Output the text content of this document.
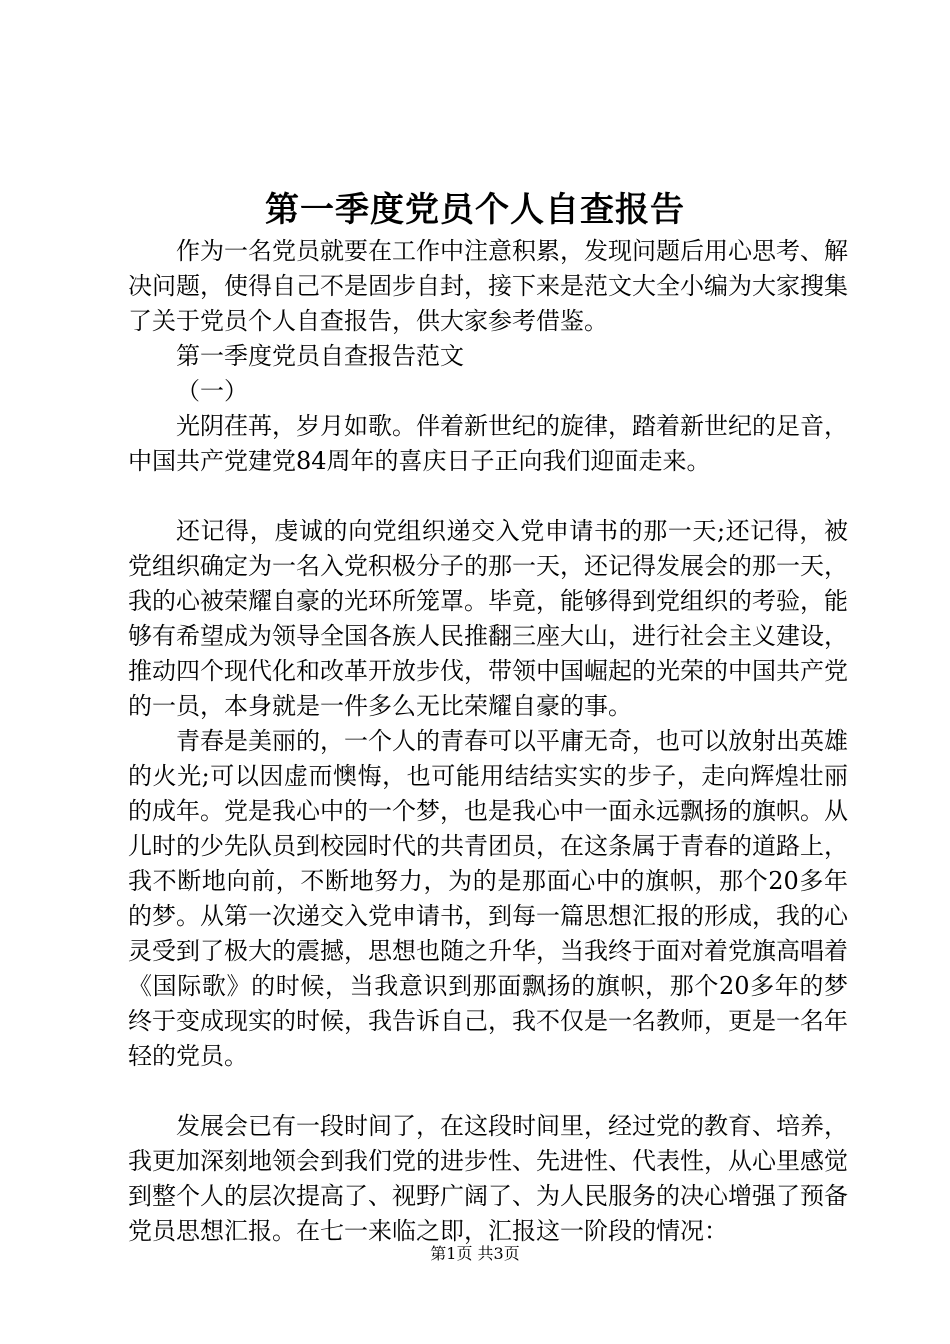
第一季度党员个人自查报告

作为一名党员就要在工作中注意积累，发现问题后用心思考、解决问题，使得自己不是固步自封，接下来是范文大全小编为大家搜集了关于党员个人自查报告，供大家参考借鉴。

第一季度党员自查报告范文

（一）

光阴荏苒，岁月如歌。伴着新世纪的旋律，踏着新世纪的足音，中国共产党建党84周年的喜庆日子正向我们迎面走来。

还记得，虔诚的向党组织递交入党申请书的那一天;还记得，被党组织确定为一名入党积极分子的那一天，还记得发展会的那一天，我的心被荣耀自豪的光环所笼罩。毕竟，能够得到党组织的考验，能够有希望成为领导全国各族人民推翻三座大山，进行社会主义建设，推动四个现代化和改革开放步伐，带领中国崛起的光荣的中国共产党的一员，本身就是一件多么无比荣耀自豪的事。

青春是美丽的，一个人的青春可以平庸无奇，也可以放射出英雄的火光;可以因虚而懊悔，也可能用结结实实的步子，走向辉煌壮丽的成年。党是我心中的一个梦，也是我心中一面永远飘扬的旗帜。从儿时的少先队员到校园时代的共青团员，在这条属于青春的道路上，我不断地向前，不断地努力，为的是那面心中的旗帜，那个20多年的梦。从第一次递交入党申请书，到每一篇思想汇报的形成，我的心灵受到了极大的震撼，思想也随之升华，当我终于面对着党旗高唱着《国际歌》的时候，当我意识到那面飘扬的旗帜，那个20多年的梦终于变成现实的时候，我告诉自己，我不仅是一名教师，更是一名年轻的党员。

发展会已有一段时间了，在这段时间里，经过党的教育、培养，我更加深刻地领会到我们党的进步性、先进性、代表性，从心里感觉到整个人的层次提高了、视野广阔了、为人民服务的决心增强了预备党员思想汇报。在七一来临之即，汇报这一阶段的情况：

第1页 共3页
